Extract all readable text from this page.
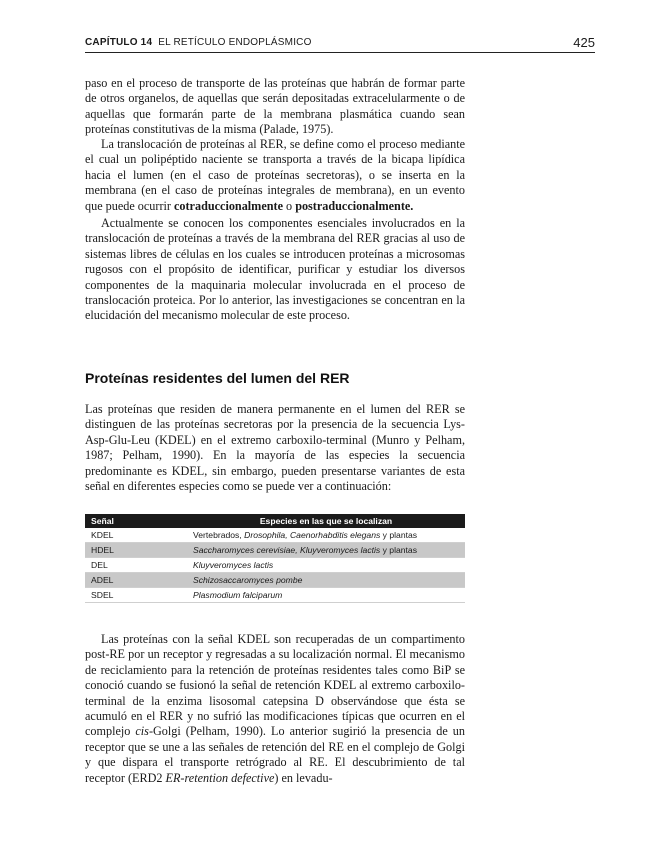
CAPÍTULO 14 EL RETÍCULO ENDOPLÁSMICO	425

paso en el proceso de transporte de las proteínas que habrán de formar parte de otros organelos, de aquellas que serán depositadas extracelularmente o de aquellas que formarán parte de la membrana plasmática cuando sean proteínas constitutivas de la misma (Palade, 1975).

La translocación de proteínas al RER, se define como el proceso mediante el cual un polipéptido naciente se transporta a través de la bicapa lipídica hacia el lumen (en el caso de proteínas secretoras), o se inserta en la membrana (en el caso de proteínas integrales de membrana), en un evento que puede ocurrir cotraduccionalmente o postraduccionalmente.

Actualmente se conocen los componentes esenciales involucrados en la translocación de proteínas a través de la membrana del RER gracias al uso de sistemas libres de células en los cuales se introducen proteínas a microsomas rugosos con el propósito de identificar, purificar y estudiar los diversos componentes de la maquinaria molecular involucrada en el proceso de translocación proteica. Por lo anterior, las investigaciones se concentran en la elucidación del mecanismo molecular de este proceso.

Proteínas residentes del lumen del RER

Las proteínas que residen de manera permanente en el lumen del RER se distinguen de las proteínas secretoras por la presencia de la secuencia Lys-Asp-Glu-Leu (KDEL) en el extremo carboxilo-terminal (Munro y Pelham, 1987; Pelham, 1990). En la mayoría de las especies la secuencia predominante es KDEL, sin embargo, pueden presentarse variantes de esta señal en diferentes especies como se puede ver a continuación:

Señal	Especies en las que se localizan
KDEL	Vertebrados, Drosophila, Caenorhabditis elegans y plantas
HDEL	Saccharomyces cerevisiae, Kluyveromyces lactis y plantas
DEL	Kluyveromyces lactis
ADEL	Schizosaccaromyces pombe
SDEL	Plasmodium falciparum

Las proteínas con la señal KDEL son recuperadas de un compartimento post-RE por un receptor y regresadas a su localización normal. El mecanismo de reciclamiento para la retención de proteínas residentes tales como BiP se conoció cuando se fusionó la señal de retención KDEL al extremo carboxilo-terminal de la enzima lisosomal catepsina D observándose que ésta se acumuló en el RER y no sufrió las modificaciones típicas que ocurren en el complejo cis-Golgi (Pelham, 1990). Lo anterior sugirió la presencia de un receptor que se une a las señales de retención del RE en el complejo de Golgi y que dispara el transporte retrógrado al RE. El descubrimiento de tal receptor (ERD2 ER-retention defective) en levadu-
